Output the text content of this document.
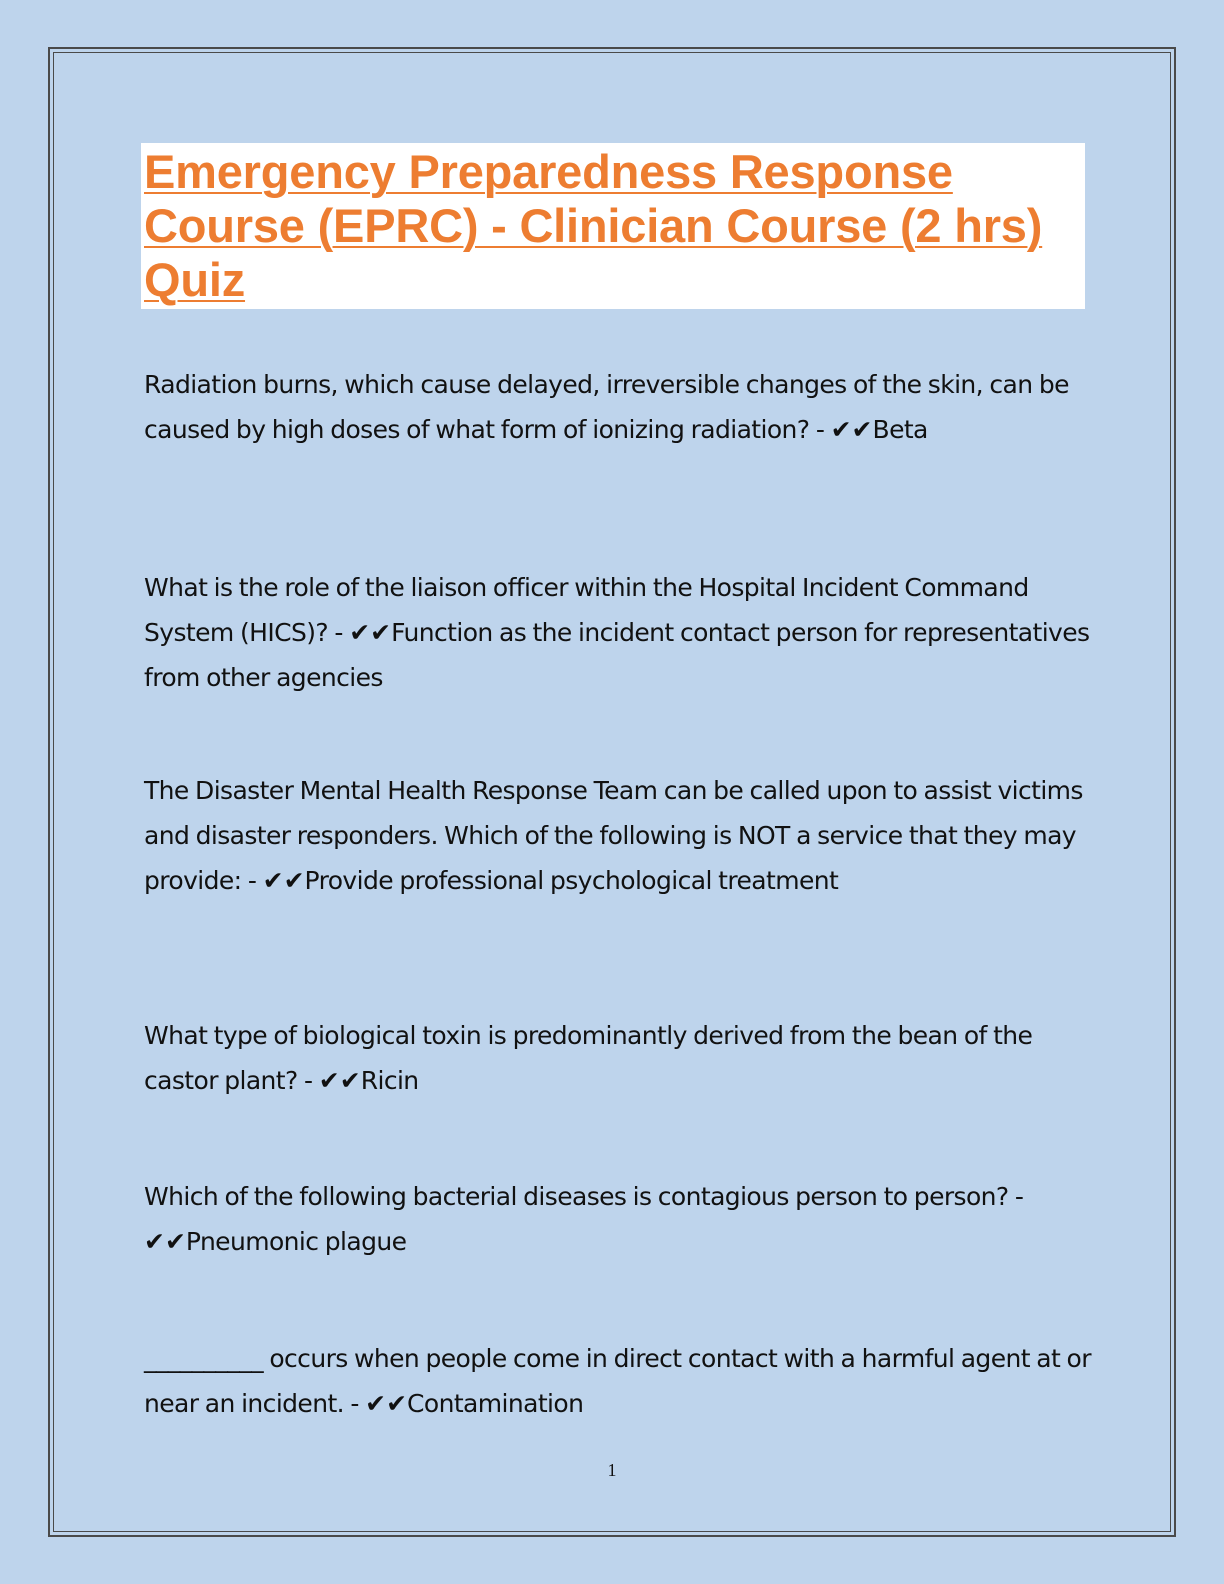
Emergency Preparedness Response Course (EPRC) - Clinician Course (2 hrs) Quiz

Radiation burns, which cause delayed, irreversible changes of the skin, can be caused by high doses of what form of ionizing radiation? - ✔✔Beta

What is the role of the liaison officer within the Hospital Incident Command System (HICS)? - ✔✔Function as the incident contact person for representatives from other agencies

The Disaster Mental Health Response Team can be called upon to assist victims and disaster responders. Which of the following is NOT a service that they may provide: - ✔✔Provide professional psychological treatment

What type of biological toxin is predominantly derived from the bean of the castor plant? - ✔✔Ricin

Which of the following bacterial diseases is contagious person to person? - ✔✔Pneumonic plague

__________ occurs when people come in direct contact with a harmful agent at or near an incident. - ✔✔Contamination

1
